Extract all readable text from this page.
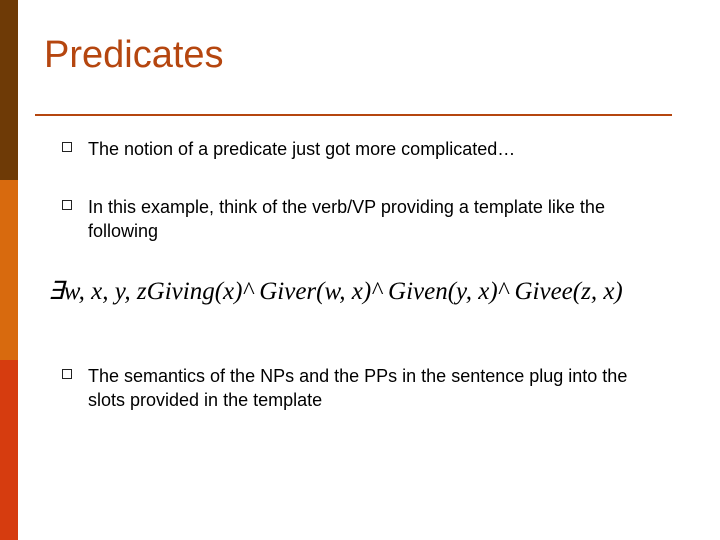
Predicates
The notion of a predicate just got more complicated…
In this example, think of the verb/VP providing a template like the following
∃w, x, y, zGiving(x)^ Giver(w, x)^ Given(y, x)^ Givee(z, x)
The semantics of the NPs and the PPs in the sentence plug into the slots provided in the template
